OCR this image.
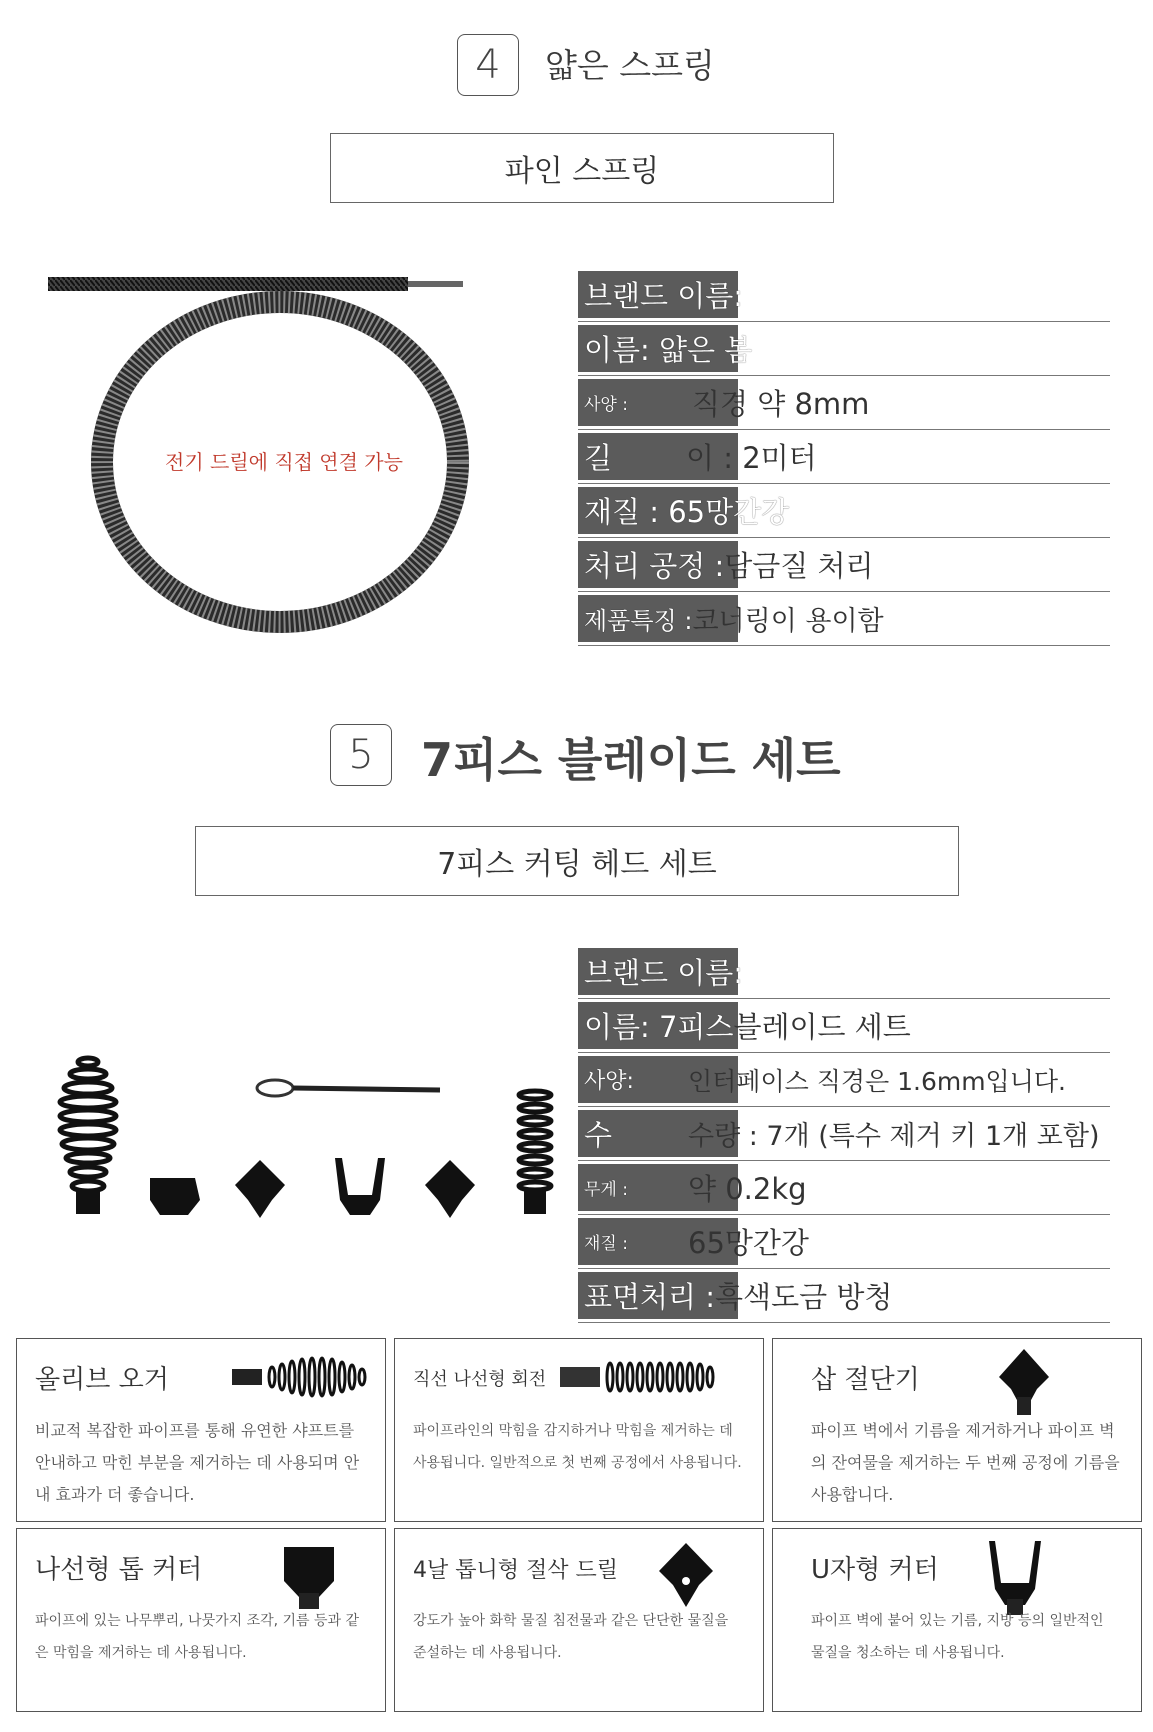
4	얇은 스프링
파인 스프링
전기 드릴에 직접 연결 가능
브랜드 이름:
이름: 얇은 봄
사양 :	직경 약 8mm
길	이 : 2미터
재질 : 65망간강
처리 공정 : 담금질 처리
제품특징 : 코너링이 용이함
5	7피스 블레이드 세트
7피스 커팅 헤드 세트
브랜드 이름:
이름: 7피스 블레이드 세트
사양:	인터페이스 직경은 1.6mm입니다.
수	수량 : 7개 (특수 제거 키 1개 포함)
무게 :	약 0.2kg
재질 :	65망간강
표면처리 : 흑색도금 방청
올리브 오거
비교적 복잡한 파이프를 통해 유연한 샤프트를 안내하고 막힌 부분을 제거하는 데 사용되며 안내 효과가 더 좋습니다.
직선 나선형 회전
파이프라인의 막힘을 감지하거나 막힘을 제거하는 데 사용됩니다. 일반적으로 첫 번째 공정에서 사용됩니다.
삽 절단기
파이프 벽에서 기름을 제거하거나 파이프 벽의 잔여물을 제거하는 두 번째 공정에 기름을 사용합니다.
나선형 톱 커터
파이프에 있는 나무뿌리, 나뭇가지 조각, 기름 등과 같은 막힘을 제거하는 데 사용됩니다.
4날 톱니형 절삭 드릴
강도가 높아 화학 물질 침전물과 같은 단단한 물질을 준설하는 데 사용됩니다.
U자형 커터
파이프 벽에 붙어 있는 기름, 지방 등의 일반적인 물질을 청소하는 데 사용됩니다.
